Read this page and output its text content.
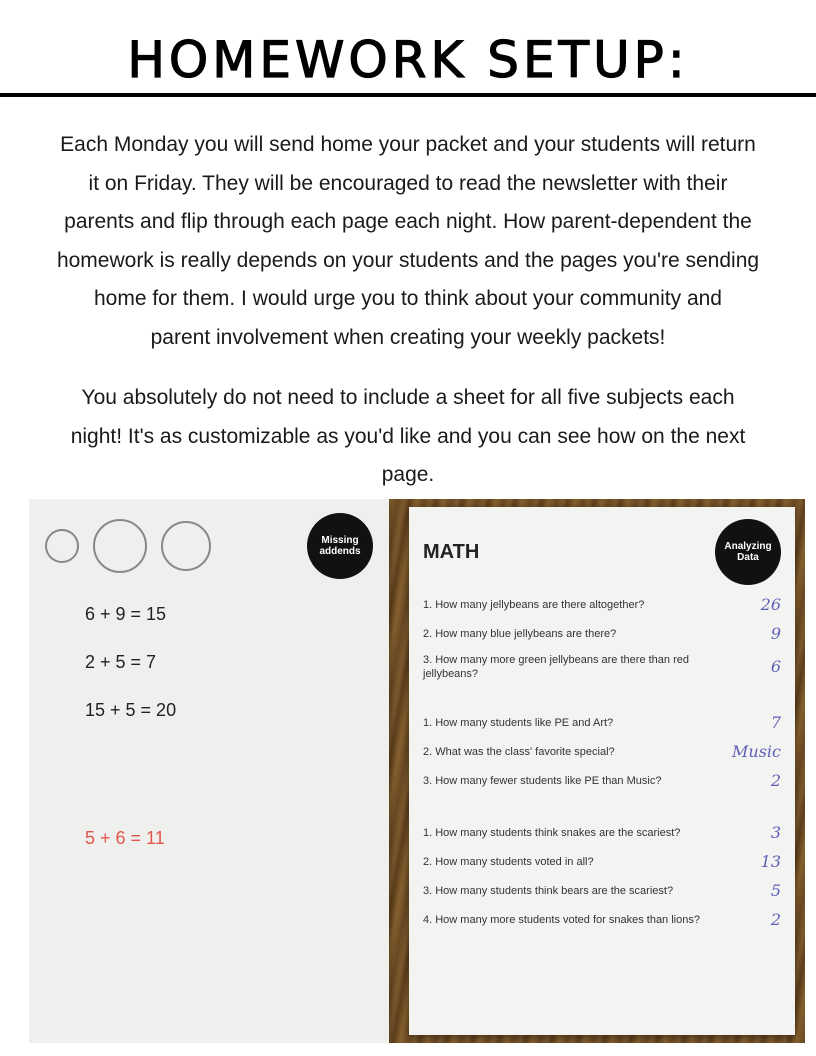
HOMEWORK SETUP:
Each Monday you will send home your packet and your students will return
it on Friday. They will be encouraged to read the newsletter with their
parents and flip through each page each night. How parent-dependent the
homework is really depends on your students and the pages you're sending
home for them. I would urge you to think about your community and
parent involvement when creating your weekly packets!
You absolutely do not need to include a sheet for all five subjects each
night! It's as customizable as you'd like and you can see how on the next
page.
Missing addends
6 + 9 = 15
2 + 5 = 7
15 + 5 = 20
5 + 6 = 11
MATH	Analyzing Data
1. How many jellybeans are there altogether?	26
2. How many blue jellybeans are there?	9
3. How many more green jellybeans are there than red jellybeans?	6
1. How many students like PE and Art?	7
2. What was the class' favorite special?	Music
3. How many fewer students like PE than Music?	2
1. How many students think snakes are the scariest?	3
2. How many students voted in all?	13
3. How many students think bears are the scariest?	5
4. How many more students voted for snakes than lions?	2
